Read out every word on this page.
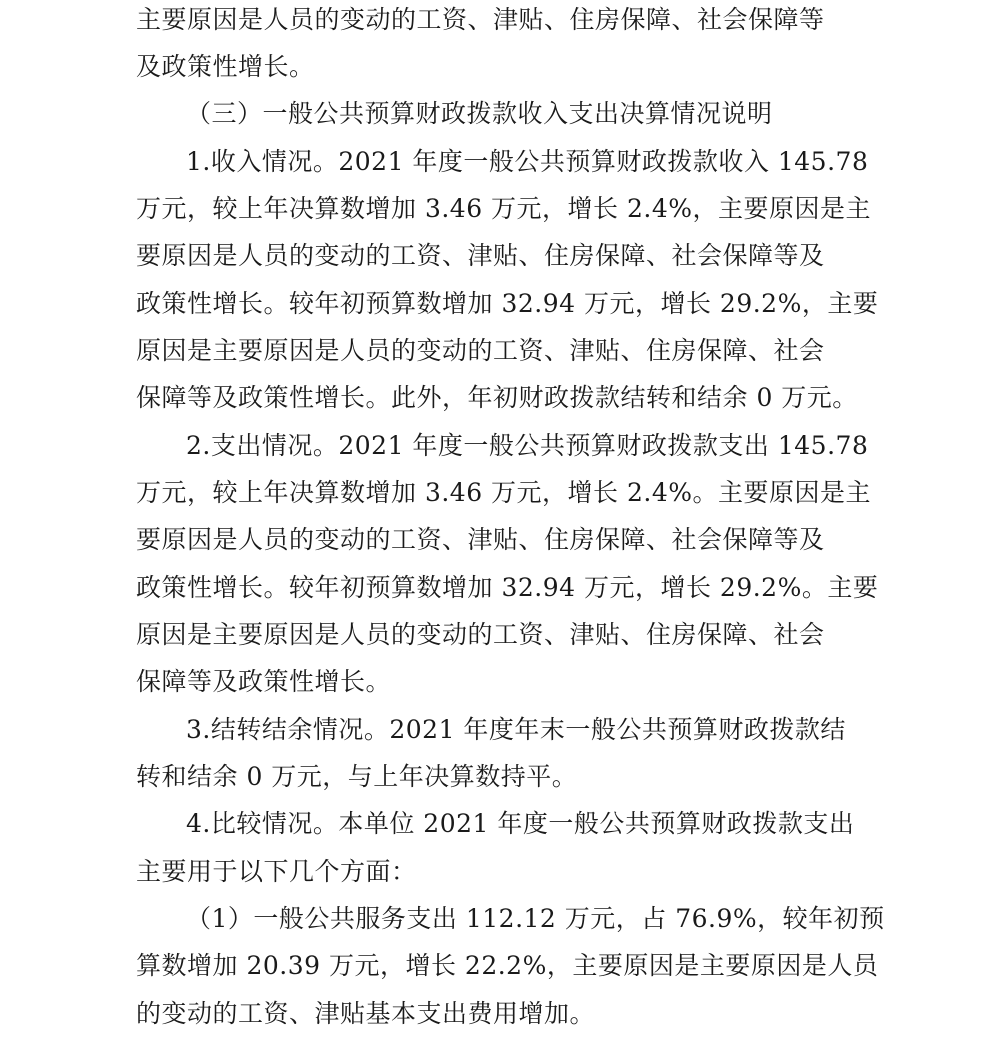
主要原因是人员的变动的工资、津贴、住房保障、社会保障等
及政策性增长。
（三）一般公共预算财政拨款收入支出决算情况说明
1.收入情况。2021 年度一般公共预算财政拨款收入 145.78
万元，较上年决算数增加 3.46 万元，增长 2.4%，主要原因是主
要原因是人员的变动的工资、津贴、住房保障、社会保障等及
政策性增长。较年初预算数增加 32.94 万元，增长 29.2%，主要
原因是主要原因是人员的变动的工资、津贴、住房保障、社会
保障等及政策性增长。此外，年初财政拨款结转和结余 0 万元。
2.支出情况。2021 年度一般公共预算财政拨款支出 145.78
万元，较上年决算数增加 3.46 万元，增长 2.4%。主要原因是主
要原因是人员的变动的工资、津贴、住房保障、社会保障等及
政策性增长。较年初预算数增加 32.94 万元，增长 29.2%。主要
原因是主要原因是人员的变动的工资、津贴、住房保障、社会
保障等及政策性增长。
3.结转结余情况。2021 年度年末一般公共预算财政拨款结
转和结余 0 万元，与上年决算数持平。
4.比较情况。本单位 2021 年度一般公共预算财政拨款支出
主要用于以下几个方面：
（1）一般公共服务支出 112.12 万元，占 76.9%，较年初预
算数增加 20.39 万元，增长 22.2%，主要原因是主要原因是人员
的变动的工资、津贴基本支出费用增加。
